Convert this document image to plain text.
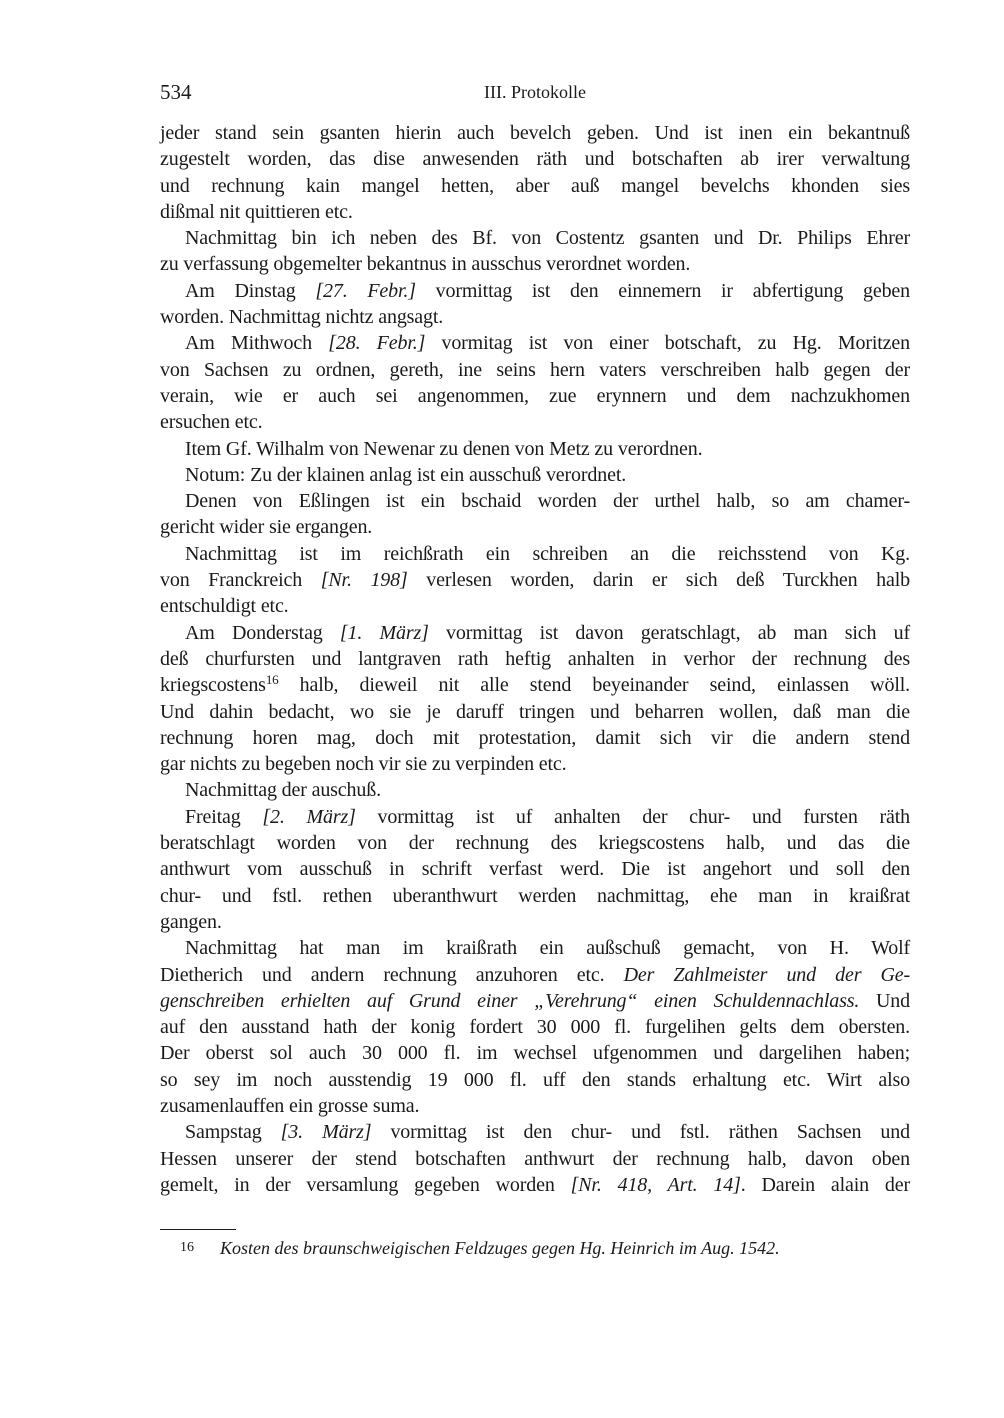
534	III. Protokolle
jeder stand sein gsanten hierin auch bevelch geben. Und ist inen ein bekantnuß
zugestelt worden, das dise anwesenden räth und botschaften ab irer verwaltung
und rechnung kain mangel hetten, aber auß mangel bevelchs khonden sies
dißmal nit quittieren etc.
Nachmittag bin ich neben des Bf. von Costentz gsanten und Dr. Philips Ehrer
zu verfassung obgemelter bekantnus in ausschus verordnet worden.
Am Dinstag [27. Febr.] vormittag ist den einnemern ir abfertigung geben
worden. Nachmittag nichtz angsagt.
Am Mithwoch [28. Febr.] vormitag ist von einer botschaft, zu Hg. Moritzen
von Sachsen zu ordnen, gereth, ine seins hern vaters verschreiben halb gegen der
verain, wie er auch sei angenommen, zue erynnern und dem nachzukhomen
ersuchen etc.
Item Gf. Wilhalm von Newenar zu denen von Metz zu verordnen.
Notum: Zu der klainen anlag ist ein ausschuß verordnet.
Denen von Eßlingen ist ein bschaid worden der urthel halb, so am chamer-
gericht wider sie ergangen.
Nachmittag ist im reichßrath ein schreiben an die reichsstend von Kg.
von Franckreich [Nr. 198] verlesen worden, darin er sich deß Turckhen halb
entschuldigt etc.
Am Donderstag [1. März] vormittag ist davon geratschlagt, ab man sich uf
deß churfursten und lantgraven rath heftig anhalten in verhor der rechnung des
kriegscostens$^{16}$ halb, dieweil nit alle stend beyeinander seind, einlassen wöll.
Und dahin bedacht, wo sie je daruff tringen und beharren wollen, daß man die
rechnung horen mag, doch mit protestation, damit sich vir die andern stend
gar nichts zu begeben noch vir sie zu verpinden etc.
Nachmittag der auschuß.
Freitag [2. März] vormittag ist uf anhalten der chur- und fursten räth
beratschlagt worden von der rechnung des kriegscostens halb, und das die
anthwurt vom ausschuß in schrift verfast werd. Die ist angehort und soll den
chur- und fstl. rethen uberanthwurt werden nachmittag, ehe man in kraißrat
gangen.
Nachmittag hat man im kraißrath ein außschuß gemacht, von H. Wolf
Dietherich und andern rechnung anzuhoren etc. Der Zahlmeister und der Ge-
genschreiben erhielten auf Grund einer „Verehrung“ einen Schuldennachlass. Und
auf den ausstand hath der konig fordert 30 000 fl. furgelihen gelts dem obersten.
Der oberst sol auch 30 000 fl. im wechsel ufgenommen und dargelihen haben;
so sey im noch ausstendig 19 000 fl. uff den stands erhaltung etc. Wirt also
zusamenlauffen ein grosse suma.
Sampstag [3. März] vormittag ist den chur- und fstl. räthen Sachsen und
Hessen unserer der stend botschaften anthwurt der rechnung halb, davon oben
gemelt, in der versamlung gegeben worden [Nr. 418, Art. 14]. Darein alain der
16 Kosten des braunschweigischen Feldzuges gegen Hg. Heinrich im Aug. 1542.
